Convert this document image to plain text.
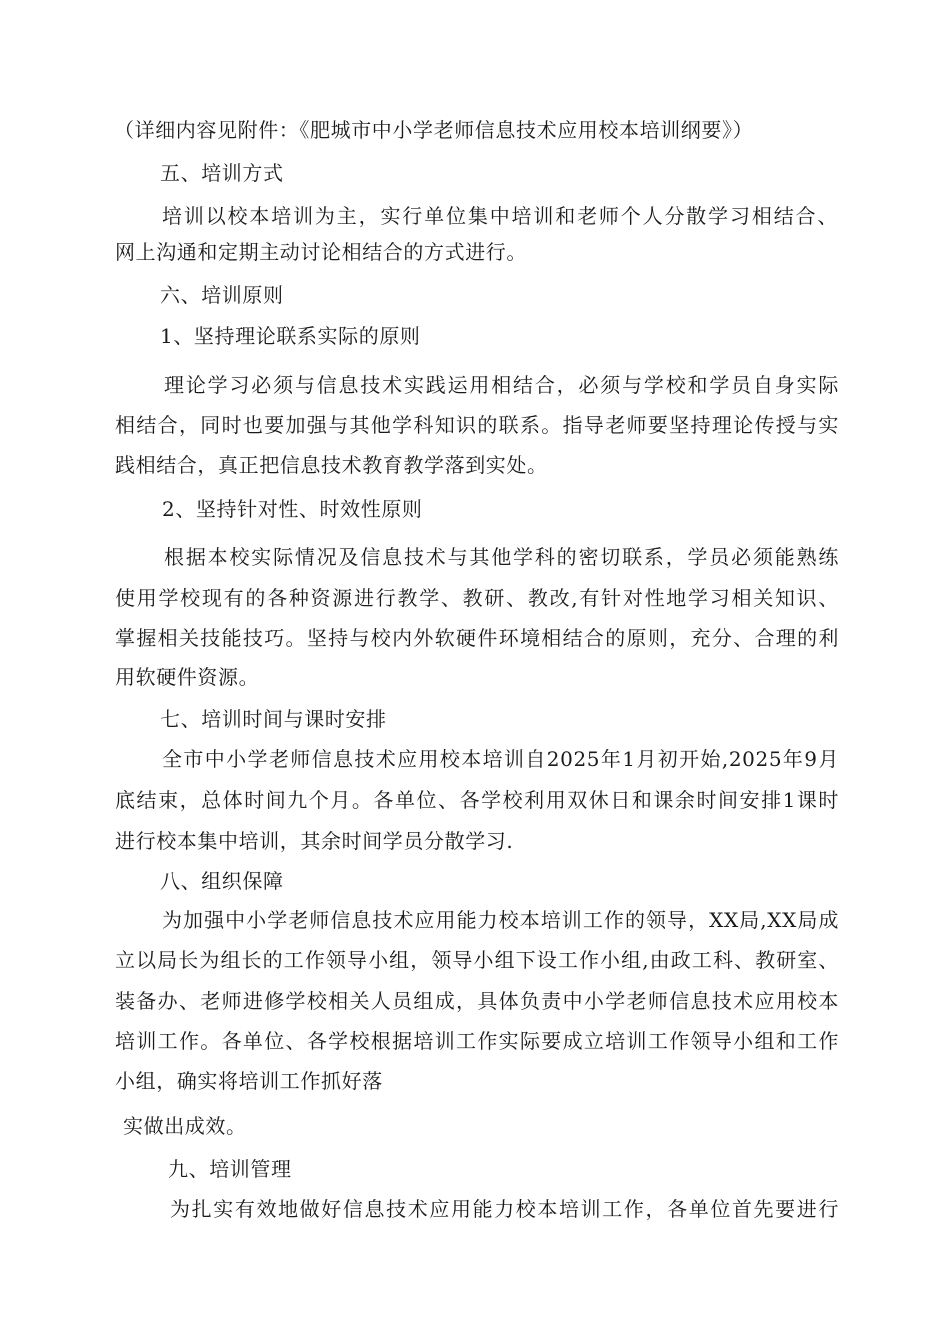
（详细内容见附件：《肥城市中小学老师信息技术应用校本培训纲要》）
五、培训方式
培训以校本培训为主，实行单位集中培训和老师个人分散学习相结合、
网上沟通和定期主动讨论相结合的方式进行。
六、培训原则
1、坚持理论联系实际的原则
理论学习必须与信息技术实践运用相结合，必须与学校和学员自身实际
相结合，同时也要加强与其他学科知识的联系。指导老师要坚持理论传授与实
践相结合，真正把信息技术教育教学落到实处。
2、坚持针对性、时效性原则
根据本校实际情况及信息技术与其他学科的密切联系，学员必须能熟练
使用学校现有的各种资源进行教学、教研、教改,有针对性地学习相关知识、
掌握相关技能技巧。坚持与校内外软硬件环境相结合的原则，充分、合理的利
用软硬件资源。
七、培训时间与课时安排
全市中小学老师信息技术应用校本培训自2025年1月初开始,2025年9月
底结束，总体时间九个月。各单位、各学校利用双休日和课余时间安排1课时
进行校本集中培训，其余时间学员分散学习.
八、组织保障
为加强中小学老师信息技术应用能力校本培训工作的领导，XX局,XX局成
立以局长为组长的工作领导小组，领导小组下设工作小组,由政工科、教研室、
装备办、老师进修学校相关人员组成，具体负责中小学老师信息技术应用校本
培训工作。各单位、各学校根据培训工作实际要成立培训工作领导小组和工作
小组，确实将培训工作抓好落
实做出成效。
九、培训管理
为扎实有效地做好信息技术应用能力校本培训工作，各单位首先要进行
